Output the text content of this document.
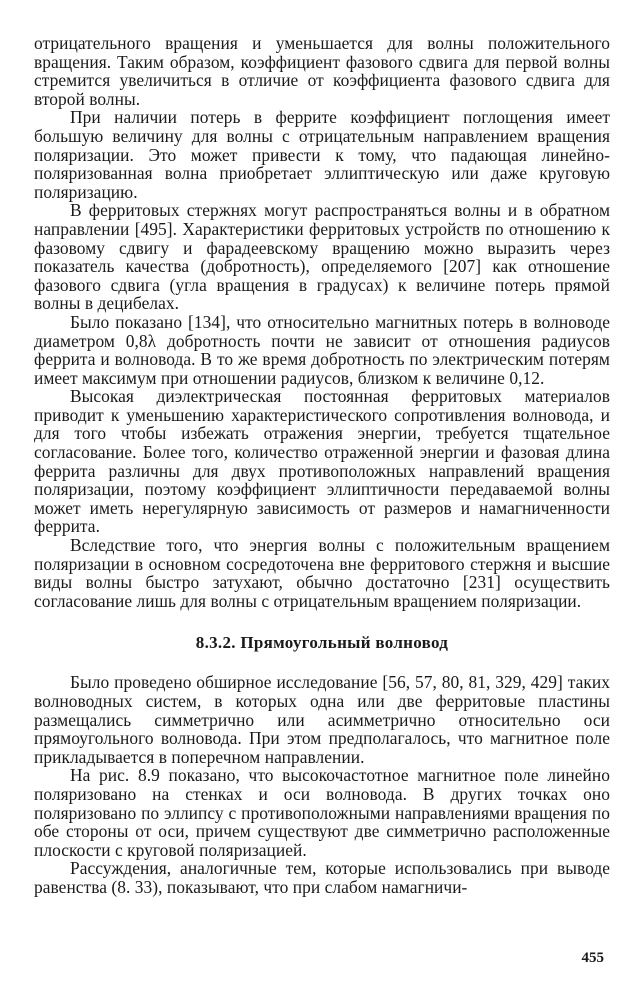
отрицательного вращения и уменьшается для волны положительного вращения. Таким образом, коэффициент фазового сдвига для первой волны стремится увеличиться в отличие от коэффициента фазового сдвига для второй волны.

При наличии потерь в феррите коэффициент поглощения имеет большую величину для волны с отрицательным направлением вращения поляризации. Это может привести к тому, что падающая линейно-поляризованная волна приобретает эллиптическую или даже круговую поляризацию.

В ферритовых стержнях могут распространяться волны и в обратном направлении [495]. Характеристики ферритовых устройств по отношению к фазовому сдвигу и фарадеевскому вращению можно выразить через показатель качества (добротность), определяемого [207] как отношение фазового сдвига (угла вращения в градусах) к величине потерь прямой волны в децибелах.

Было показано [134], что относительно магнитных потерь в волноводе диаметром 0,8λ добротность почти не зависит от отношения радиусов феррита и волновода. В то же время добротность по электрическим потерям имеет максимум при отношении радиусов, близком к величине 0,12.

Высокая диэлектрическая постоянная ферритовых материалов приводит к уменьшению характеристического сопротивления волновода, и для того чтобы избежать отражения энергии, требуется тщательное согласование. Более того, количество отраженной энергии и фазовая длина феррита различны для двух противоположных направлений вращения поляризации, поэтому коэффициент эллиптичности передаваемой волны может иметь нерегулярную зависимость от размеров и намагниченности феррита.

Вследствие того, что энергия волны с положительным вращением поляризации в основном сосредоточена вне ферритового стержня и высшие виды волны быстро затухают, обычно достаточно [231] осуществить согласование лишь для волны с отрицательным вращением поляризации.

8.3.2. Прямоугольный волновод

Было проведено обширное исследование [56, 57, 80, 81, 329, 429] таких волноводных систем, в которых одна или две ферритовые пластины размещались симметрично или асимметрично относительно оси прямоугольного волновода. При этом предполагалось, что магнитное поле прикладывается в поперечном направлении.

На рис. 8.9 показано, что высокочастотное магнитное поле линейно поляризовано на стенках и оси волновода. В других точках оно поляризовано по эллипсу с противоположными направлениями вращения по обе стороны от оси, причем существуют две симметрично расположенные плоскости с круговой поляризацией.

Рассуждения, аналогичные тем, которые использовались при выводе равенства (8. 33), показывают, что при слабом намагничи-

455
